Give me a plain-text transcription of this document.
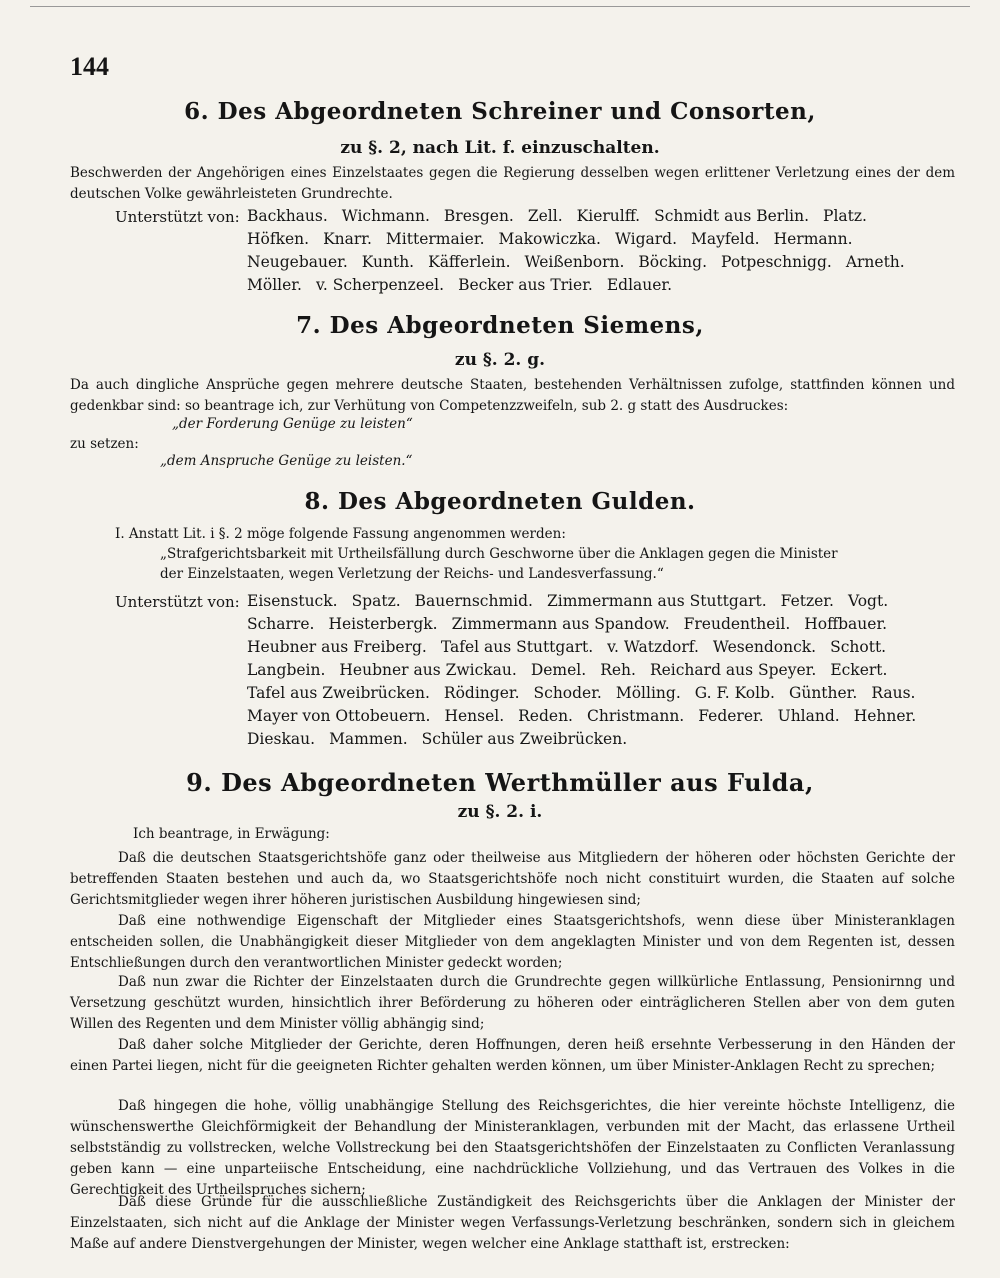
144
6. Des Abgeordneten Schreiner und Consorten,
zu §. 2, nach Lit. f. einzuschalten.
Beschwerden der Angehörigen eines Einzelstaates gegen die Regierung desselben wegen erlittener Verletzung eines der dem deutschen Volke gewährleisteten Grundrechte.
Unterstützt von: Backhaus. Wichmann. Bresgen. Zell. Kierulff. Schmidt aus Berlin. Platz.Höfken. Knarr. Mittermaier. Makowiczka. Wigard. Mayfeld. Hermann.Neugebauer. Kunth. Käfferlein. Weißenborn. Böcking. Potpeschnigg. Arneth.Möller. v. Scherpenzeel. Becker aus Trier. Edlauer.
7. Des Abgeordneten Siemens,
zu §. 2. g.
Da auch dingliche Ansprüche gegen mehrere deutsche Staaten, bestehenden Verhältnissen zufolge, stattfinden können und gedenkbar sind: so beantrage ich, zur Verhütung von Competenzzweifeln, sub 2. g statt des Ausdruckes:
„der Forderung Genüge zu leisten“
zu setzen:
„dem Anspruche Genüge zu leisten.“
8. Des Abgeordneten Gulden.
I. Anstatt Lit. i §. 2 möge folgende Fassung angenommen werden:
„Strafgerichtsbarkeit mit Urtheilsfällung durch Geschworne über die Anklagen gegen die Minister
der Einzelstaaten, wegen Verletzung der Reichs- und Landesverfassung.“
Unterstützt von: Eisenstuck. Spatz. Bauernschmid. Zimmermann aus Stuttgart. Fetzer. Vogt.Scharre. Heisterbergk. Zimmermann aus Spandow. Freudentheil. Hoffbauer.Heubner aus Freiberg. Tafel aus Stuttgart. v. Watzdorf. Wesendonck. Schott.Langbein. Heubner aus Zwickau. Demel. Reh. Reichard aus Speyer. Eckert.Tafel aus Zweibrücken. Rödinger. Schoder. Mölling. G. F. Kolb. Günther. Raus.Mayer von Ottobeuern. Hensel. Reden. Christmann. Federer. Uhland. Hehner.Dieskau. Mammen. Schüler aus Zweibrücken.
9. Des Abgeordneten Werthmüller aus Fulda,
zu §. 2. i.
Ich beantrage, in Erwägung:
Daß die deutschen Staatsgerichtshöfe ganz oder theilweise aus Mitgliedern der höheren oder höchsten Gerichte der betreffenden Staaten bestehen und auch da, wo Staatsgerichtshöfe noch nicht constituirt wurden, die Staaten auf solche Gerichtsmitglieder wegen ihrer höheren juristischen Ausbildung hingewiesen sind;
Daß eine nothwendige Eigenschaft der Mitglieder eines Staatsgerichtshofs, wenn diese über Ministeranklagen entscheiden sollen, die Unabhängigkeit dieser Mitglieder von dem angeklagten Minister und von dem Regenten ist, dessen Entschließungen durch den verantwortlichen Minister gedeckt worden;
Daß nun zwar die Richter der Einzelstaaten durch die Grundrechte gegen willkürliche Entlassung, Pensionirnng und Versetzung geschützt wurden, hinsichtlich ihrer Beförderung zu höheren oder einträglicheren Stellen aber von dem guten Willen des Regenten und dem Minister völlig abhängig sind;
Daß daher solche Mitglieder der Gerichte, deren Hoffnungen, deren heiß ersehnte Verbesserung in den Händen der einen Partei liegen, nicht für die geeigneten Richter gehalten werden können, um über Minister-Anklagen Recht zu sprechen;
Daß hingegen die hohe, völlig unabhängige Stellung des Reichsgerichtes, die hier vereinte höchste Intelligenz, die wünschenswerthe Gleichförmigkeit der Behandlung der Ministeranklagen, verbunden mit der Macht, das erlassene Urtheil selbstständig zu vollstrecken, welche Vollstreckung bei den Staatsgerichtshöfen der Einzelstaaten zu Conflicten Veranlassung geben kann — eine unparteiische Entscheidung, eine nachdrückliche Vollziehung, und das Vertrauen des Volkes in die Gerechtigkeit des Urtheilspruches sichern;
Daß diese Gründe für die ausschließliche Zuständigkeit des Reichsgerichts über die Anklagen der Minister der Einzelstaaten, sich nicht auf die Anklage der Minister wegen Verfassungs-Verletzung beschränken, sondern sich in gleichem Maße auf andere Dienstvergehungen der Minister, wegen welcher eine Anklage statthaft ist, erstrecken:
